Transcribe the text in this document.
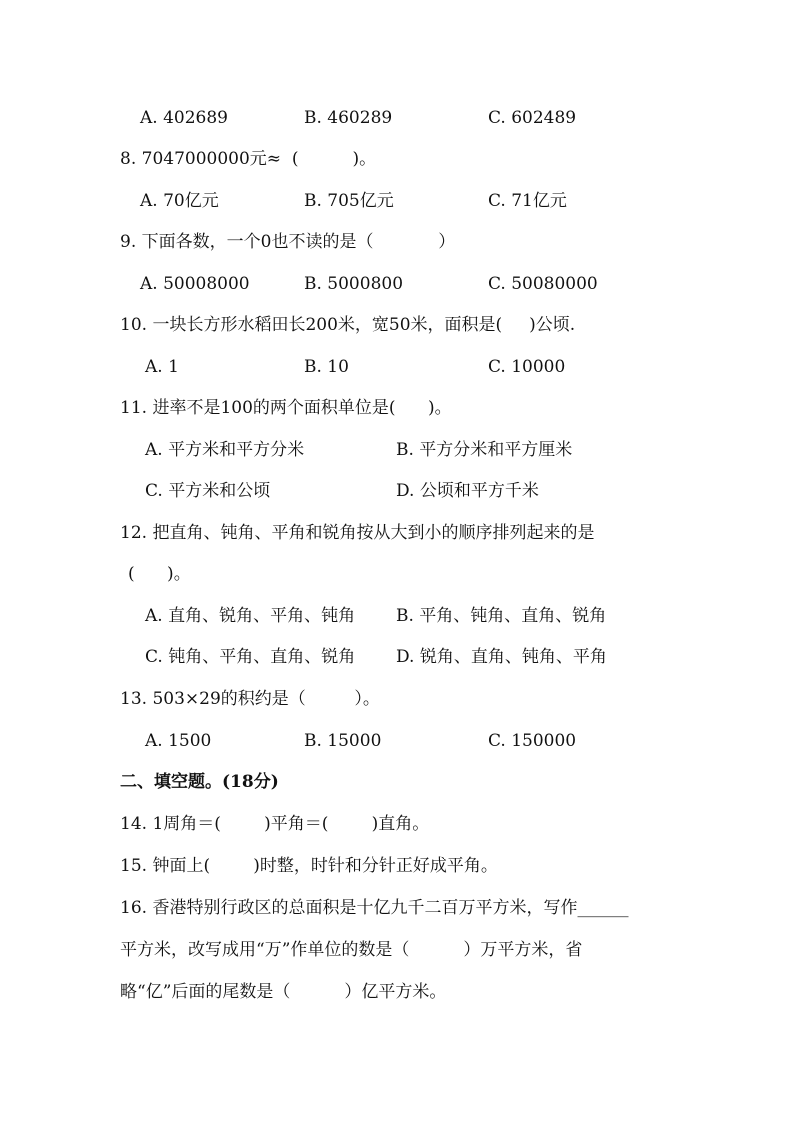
A. 402689	B. 460289	C. 602489
8. 7047000000元≈  (          )。
A. 70亿元	B. 705亿元	C. 71亿元
9. 下面各数，一个0也不读的是（            ）
A. 50008000	B. 5000800	C. 50080000
10. 一块长方形水稻田长200米，宽50米，面积是(     )公顷.
A. 1	B. 10	C. 10000
11. 进率不是100的两个面积单位是(      )。
A. 平方米和平方分米	B. 平方分米和平方厘米
C. 平方米和公顷	D. 公顷和平方千米
12. 把直角、钝角、平角和锐角按从大到小的顺序排列起来的是
(      )。
A. 直角、锐角、平角、钝角 B. 平角、钝角、直角、锐角
C. 钝角、平角、直角、锐角 D. 锐角、直角、钝角、平角
13. 503×29的积约是（         ）。
A. 1500	B. 15000	C. 150000
二、填空题。(18分)
14. 1周角＝(        )平角＝(        )直角。
15. 钟面上(        )时整，时针和分针正好成平角。
16. 香港特别行政区的总面积是十亿九千二百万平方米，写作______
平方米，改写成用“万”作单位的数是（          ）万平方米，省
略“亿”后面的尾数是（          ）亿平方米。
